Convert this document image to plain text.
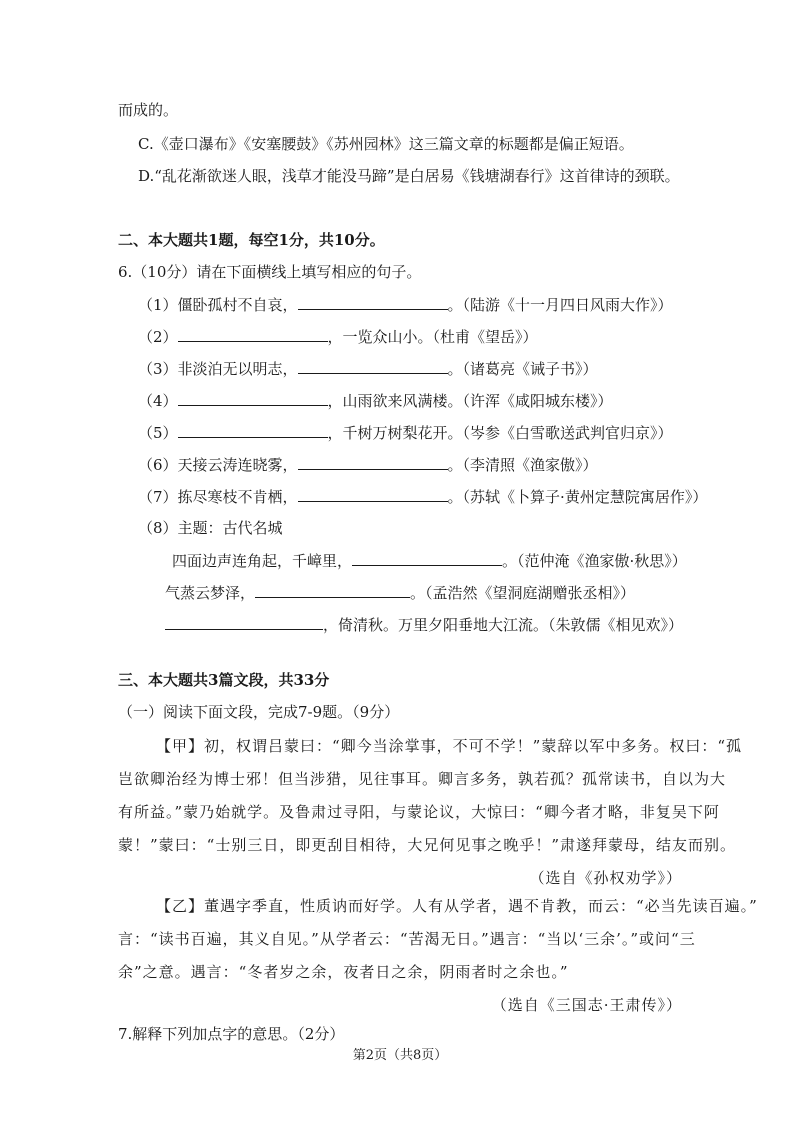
而成的。
C.《壶口瀑布》《安塞腰鼓》《苏州园林》这三篇文章的标题都是偏正短语。
D.“乱花渐欲迷人眼，浅草才能没马蹄”是白居易《钱塘湖春行》这首律诗的颈联。
二、本大题共1题，每空1分，共10分。
6.（10分）请在下面横线上填写相应的句子。
（1）僵卧孤村不自哀，	。（陆游《十一月四日风雨大作》）
（2）	，一览众山小。（杜甫《望岳》）
（3）非淡泊无以明志，	。（诸葛亮《诫子书》）
（4）	，山雨欲来风满楼。（许浑《咸阳城东楼》）
（5）	，千树万树梨花开。（岑参《白雪歌送武判官归京》）
（6）天接云涛连晓雾，	。（李清照《渔家傲》）
（7）拣尽寒枝不肯栖，	。（苏轼《卜算子·黄州定慧院寓居作》）
（8）主题：古代名城
四面边声连角起，千嶂里，	。（范仲淹《渔家傲·秋思》）
气蒸云梦泽，	。（孟浩然《望洞庭湖赠张丞相》）
，倚清秋。万里夕阳垂地大江流。（朱敦儒《相见欢》）
三、本大题共3篇文段，共33分
（一）阅读下面文段，完成7-9题。（9分）
【甲】初，权谓吕蒙曰：“卿今当涂掌事，不可不学！”蒙辞以军中多务。权曰：“孤
岂欲卿治经为博士邪！但当涉猎，见往事耳。卿言多务，孰若孤？孤常读书，自以为大
有所益。”蒙乃始就学。及鲁肃过寻阳，与蒙论议，大惊曰：“卿今者才略，非复吴下阿
蒙！”蒙曰：“士别三日，即更刮目相待，大兄何见事之晚乎！”肃遂拜蒙母，结友而别。
（选自《孙权劝学》）
【乙】董遇字季直，性质讷而好学。人有从学者，遇不肯教，而云：“必当先读百遍。”
言：“读书百遍，其义自见。”从学者云：“苦渴无日。”遇言：“当以‘三余’。”或问“三
余”之意。遇言：“冬者岁之余，夜者日之余，阴雨者时之余也。”
（选自《三国志·王肃传》）
7.解释下列加点字的意思。（2分）
第2页（共8页）
